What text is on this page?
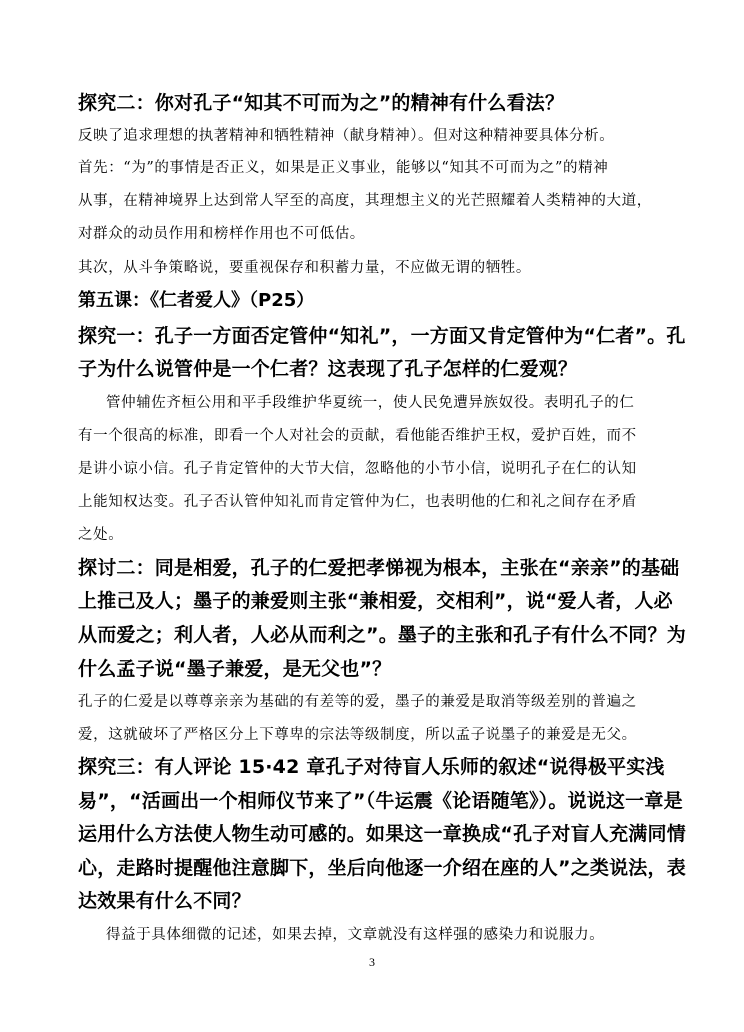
探究二：你对孔子“知其不可而为之”的精神有什么看法？
反映了追求理想的执著精神和牺牲精神（献身精神）。但对这种精神要具体分析。
首先：“为”的事情是否正义，如果是正义事业，能够以“知其不可而为之”的精神
从事，在精神境界上达到常人罕至的高度，其理想主义的光芒照耀着人类精神的大道，
对群众的动员作用和榜样作用也不可低估。
其次，从斗争策略说，要重视保存和积蓄力量，不应做无谓的牺牲。
第五课：《仁者爱人》（P25）
探究一：孔子一方面否定管仲“知礼”，一方面又肯定管仲为“仁者”。孔
子为什么说管仲是一个仁者？这表现了孔子怎样的仁爱观？
管仲辅佐齐桓公用和平手段维护华夏统一，使人民免遭异族奴役。表明孔子的仁
有一个很高的标准，即看一个人对社会的贡献，看他能否维护王权，爱护百姓，而不
是讲小谅小信。孔子肯定管仲的大节大信，忽略他的小节小信，说明孔子在仁的认知
上能知权达变。孔子否认管仲知礼而肯定管仲为仁，也表明他的仁和礼之间存在矛盾
之处。
探讨二：同是相爱，孔子的仁爱把孝悌视为根本，主张在“亲亲”的基础
上推己及人；墨子的兼爱则主张“兼相爱，交相利”，说“爱人者，人必
从而爱之；利人者，人必从而利之”。墨子的主张和孔子有什么不同？为
什么孟子说“墨子兼爱，是无父也”？
孔子的仁爱是以尊尊亲亲为基础的有差等的爱，墨子的兼爱是取消等级差别的普遍之
爱，这就破坏了严格区分上下尊卑的宗法等级制度，所以孟子说墨子的兼爱是无父。
探究三：有人评论 15·42 章孔子对待盲人乐师的叙述“说得极平实浅
易”，“活画出一个相师仪节来了”（牛运震《论语随笔》）。说说这一章是
运用什么方法使人物生动可感的。如果这一章换成“孔子对盲人充满同情
心，走路时提醒他注意脚下，坐后向他逐一介绍在座的人”之类说法，表
达效果有什么不同？
得益于具体细微的记述，如果去掉，文章就没有这样强的感染力和说服力。
3
